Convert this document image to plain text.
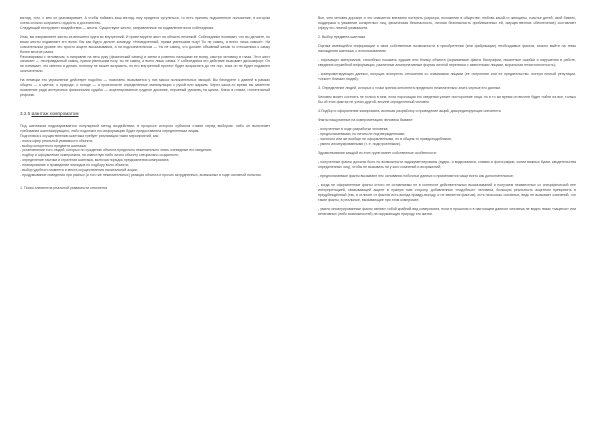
взгляд, того, с кем он разговаривает. А чтобы поймать ваш взгляд, ему придется сутулиться, то есть принять подчиненное положение, в котором очень сложно сохранить гордость и достоинство.

Следующий инструмент воздействия — жесты. Существуют жесты, направленные на подавление воли собеседника.

Итак, вы направляете жесты из внешнего круга во внутренний. И ориентируете жест на область печенкой. Собеседнике понимает, что вы делаете, но ваши жесты подавляют его волю. Вы как будто делите команду: «Немедленный, прими уменьшим позу! Ты не самец, а всего лишь самка!». На сознательном уровне это просто акцент высказывания, а на подсознательном — ‘ты не самец, что должен объявный жесак то отношениях к самку более многие разна.

Разговаривая с человеком, и направлю на него руку (физический самец) и затем и ровенно пальцами ее вонзу, смотря человеку в глаза. Этот жест означает — неоправданный самец, прими уменьшим позу, ты не самец, а всего лишь самка. У собеседника это действие вызывает дискомфорт. Он не понимает, что именно я делаю, поэтому не может возразить, но его внутренний протест будет возрастать до тех пор, пока он не будет подавлен окончательно.

На немецки это упражнение действует подобно — помогаем, вызывается у них масса положительных эмоций. Вы беседуете с давней в рамках общего — о цветах, о природе, о погоде — и произносите определенные манипуляции с рукой или жарким. Через какое-то время вы заметите появление ряда интересных физиономия судьбы — акцентированное грудное дыхание, неровный румянец на щеках, блеск в глазах, глотательный рефлекс.

3.2.5 Шантаж компроматом

Под шантажом подразумевается популярный метод воздействия, в процессе которого субъекта ставят перед выбором: либо он выполняет требования шантажирующего, либо подлежит его информацию будет предоставлена определенным лицам.

Подготовка к осуществлению шантажа требует реализации таких мероприятий, как:

- поиск сфер реальной уязвимости объекта;

- выбор конкретного предмета шантажа;

- установление того людей, которых по суждению объекта предельно нежелательно знать очевидные его сведения;

- подбор и оформление компромата, на известную либо лично объекту специально созданного;

- определение тактики и стратегии шантажа, включая порядок предъявления компромата;

- планирование и проведение эпизодов по подбору воли объекта;

- выбор удобного момента и места осуществления налитальной акции;

- продумывание поведения при разных (и того же нежелательных) реакции объекта и прочих затрудненных, возможных в ходе основной попытки.

1. Поиск элементов реальной уязвимости оппонента

Все, чем человек дорожит и что опасается внезапно потерять (карьера, положение в обществе, любовь какой-то женщины, счастье детей, свой бизнес, поддержка и уважение конкретных лиц, физическая безопасность, личная безопасность приближенных ей, имущественное обеспечение) составляет сферу его личной уязвимости.

2. Выбор предмета шантажа

Оценка имеющейся информации и свои собственные возможности в приобретении (или фабрикации) необходимых фактов, можно выйти на темы нахождения шантажа, с использованием:

- порочащих материалов, способных показать худшие или близку объекта (скрываемые факты биографии, пикантные ошибки и нарушения в работе, сведения служебной информации, различные альтернативные формы личной переписки с известными лицами, моральная нечистоплотность);

- компрометирующих данных, могущих испортить отношения со значимыми лицами (ее очернение или ее предательство, потери личной репутации, «сексе» близких людей);

3. Определение людей, которых с точки зрения оппонента предельно нежелательно знать черные его данные.

Человек может состоять не только в нем, если порочащая его сведения узнает посторонние лица, но в то же время он вполне будет пойти на все, только бы об этих фактах не узнал другой, вполне определенный человек.

4.Подбор и оформление компромата, включая разработку и проведение акций, дискредитирующих оппонента

Факты нащупанные на компрометацию человека бывают:

- полученные в ходе разработки человека;

- предполагаемыми, но ничем не подтвержденными;

- частично или же вообще не оформленными, но в общем-то правдоподобными;

- умело инсинуированными (т. е. подстроенными).

Здравствование каждой из этих групп имеет собственные особенности:

- полученные факты должны быть по возможности задокументированы (аудио- и видеозаписи, снимки и фотографии, копии важных бумаг, свидетельства определенных лиц), чтобы не вызывать ни у кого сомнений и возражений;

- предполагаемые факты вызывают нес основании побочных данных и применяются чаще всего как дополнительные;

- когда не оформленные факты оттого не оставляемы не в контексте действительных высказываний и получаем неизвестных со специфической нее интерпретацией, связывающей акцент в нужную нам сторону, добавленные «подобных» человека, большую реальность акцентом превратить в предубеждённый (так, в отличие от фактов есть всегда правду-выгоду, и не является фактом); есть несколько основных, ведь не вызывает сомнений, что такие факты, в реальные, вызывающие при этом компромат;

- умело инсинуированные факты являют собой крайний вид компромата, если в прошлом и в настоящем данного человека не видно никак «зацепок» или негативных (либо возможностей) на окружающую природу его жизни.
